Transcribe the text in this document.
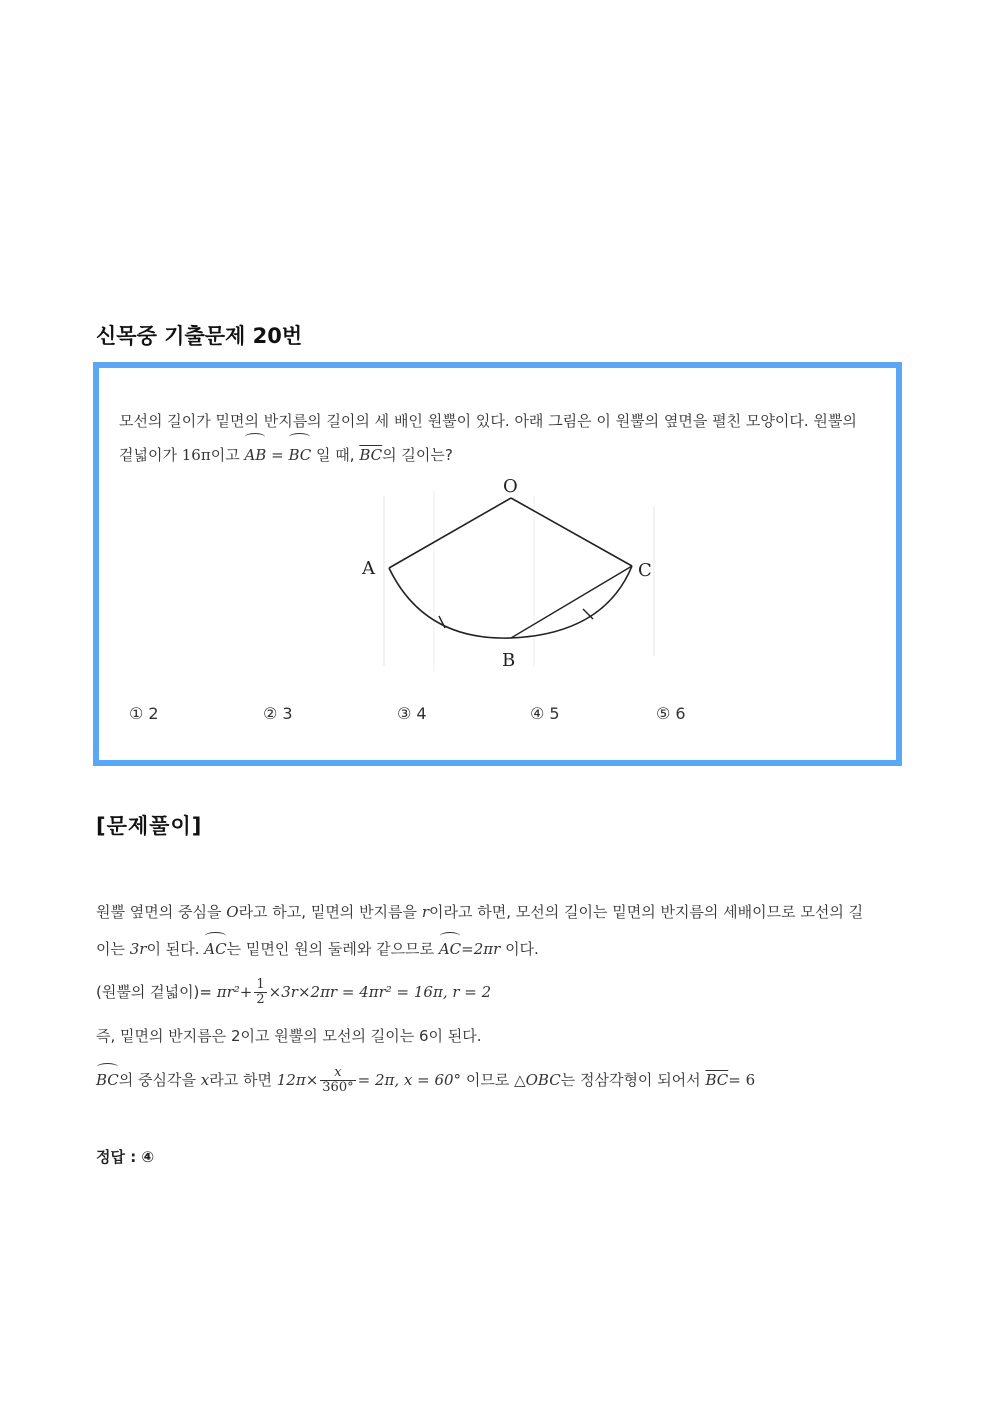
신목중 기출문제 20번
모선의 길이가 밑면의 반지름의 길이의 세 배인 원뿔이 있다. 아래 그림은 이 원뿔의 옆면을 펼친 모양이다. 원뿔의
겉넓이가 16π이고 AB = BC 일 때, $\overline{BC}$의 길이는?
O
A
B
C
① 2	② 3	③ 4	④ 5	⑤ 6
[문제풀이]
원뿔 옆면의 중심을 O라고 하고, 밑면의 반지름을 r이라고 하면, 모선의 길이는 밑면의 반지름의 세배이므로 모선의 길
이는 3r이 된다. AC는 밑면인 원의 둘레와 같으므로 AC=2πr 이다.
(원뿔의 겉넓이)= $\pi r^2+ \frac{1}{2} \times 3r\times 2\pi r = 4\pi r^2 = 16\pi$, r = 2
즉, 밑면의 반지름은 2이고 원뿔의 모선의 길이는 6이 된다.
BC의 중심각을 x라고 하면 $12\pi\times \frac{x}{360^\circ} = 2\pi$, x = 60° 이므로 △OBC는 정삼각형이 되어서 $\overline{BC}= 6$
정답 : ④
